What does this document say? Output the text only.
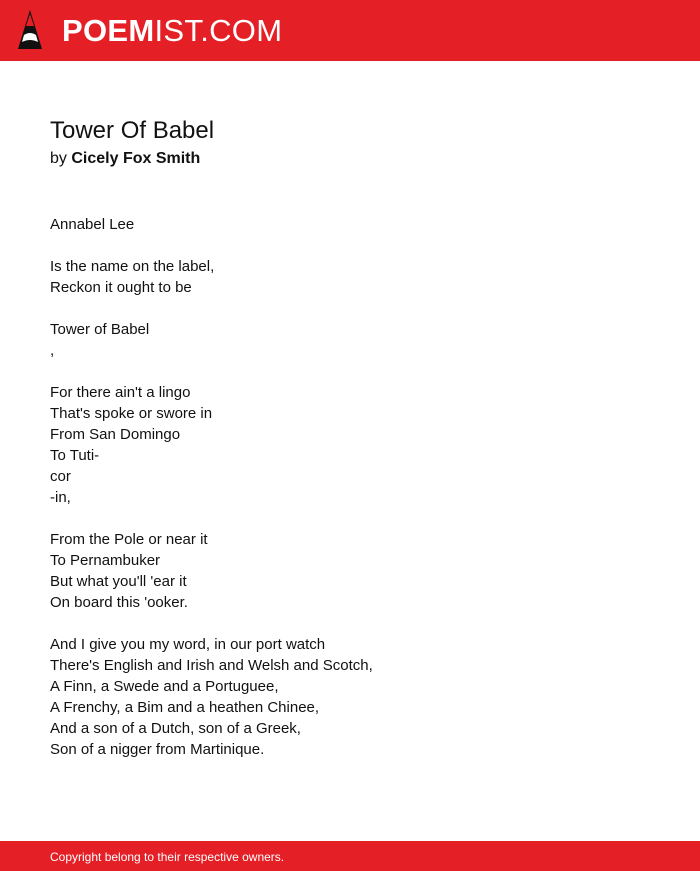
POEMIST.COM
Tower Of Babel
by Cicely Fox Smith
Annabel Lee
Is the name on the label,
Reckon it ought to be
Tower of Babel
,
For there ain't a lingo
That's spoke or swore in
From San Domingo
To Tuti-
cor
-in,
From the Pole or near it
To Pernambuker
But what you'll 'ear it
On board this 'ooker.
And I give you my word, in our port watch
There's English and Irish and Welsh and Scotch,
A Finn, a Swede and a Portuguee,
A Frenchy, a Bim and a heathen Chinee,
And a son of a Dutch, son of a Greek,
Son of a nigger from Martinique.
Copyright belong to their respective owners.
